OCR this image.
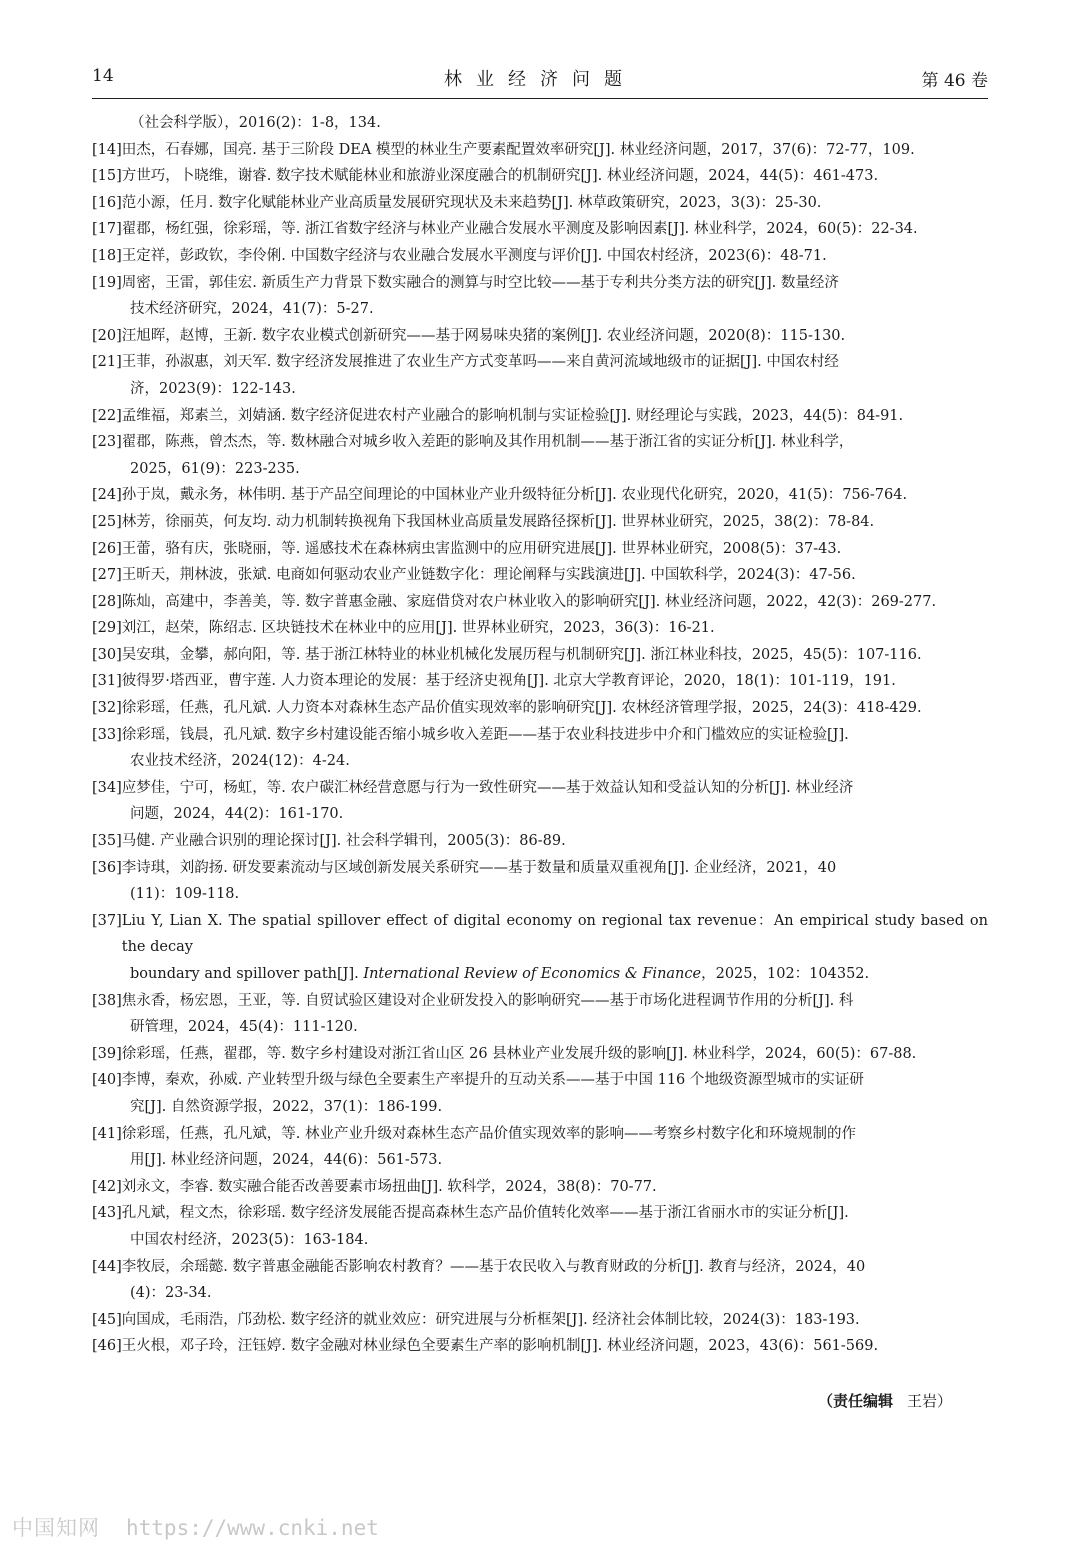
14	林业经济问题	第 46 卷
（社会科学版），2016(2)：1-8，134.
[14] 田杰，石春娜，国亮. 基于三阶段 DEA 模型的林业生产要素配置效率研究[J]. 林业经济问题，2017，37(6)：72-77，109.
[15] 方世巧，卜晓维，谢睿. 数字技术赋能林业和旅游业深度融合的机制研究[J]. 林业经济问题，2024，44(5)：461-473.
[16] 范小源，任月. 数字化赋能林业产业高质量发展研究现状及未来趋势[J]. 林草政策研究，2023，3(3)：25-30.
[17] 翟郡，杨红强，徐彩瑶，等. 浙江省数字经济与林业产业融合发展水平测度及影响因素[J]. 林业科学，2024，60(5)：22-34.
[18] 王定祥，彭政钦，李伶俐. 中国数字经济与农业融合发展水平测度与评价[J]. 中国农村经济，2023(6)：48-71.
[19] 周密，王雷，郭佳宏. 新质生产力背景下数实融合的测算与时空比较——基于专利共分类方法的研究[J]. 数量经济
技术经济研究，2024，41(7)：5-27.
[20] 汪旭晖，赵博，王新. 数字农业模式创新研究——基于网易味央猪的案例[J]. 农业经济问题，2020(8)：115-130.
[21] 王菲，孙淑惠，刘天军. 数字经济发展推进了农业生产方式变革吗——来自黄河流域地级市的证据[J]. 中国农村经
济，2023(9)：122-143.
[22] 孟维福，郑素兰，刘婧涵. 数字经济促进农村产业融合的影响机制与实证检验[J]. 财经理论与实践，2023，44(5)：84-91.
[23] 翟郡，陈燕，曾杰杰，等. 数林融合对城乡收入差距的影响及其作用机制——基于浙江省的实证分析[J]. 林业科学，
2025，61(9)：223-235.
[24] 孙于岚，戴永务，林伟明. 基于产品空间理论的中国林业产业升级特征分析[J]. 农业现代化研究，2020，41(5)：756-764.
[25] 林芳，徐丽英，何友均. 动力机制转换视角下我国林业高质量发展路径探析[J]. 世界林业研究，2025，38(2)：78-84.
[26] 王蕾，骆有庆，张晓丽，等. 遥感技术在森林病虫害监测中的应用研究进展[J]. 世界林业研究，2008(5)：37-43.
[27] 王昕天，荆林波，张斌. 电商如何驱动农业产业链数字化：理论阐释与实践演进[J]. 中国软科学，2024(3)：47-56.
[28] 陈灿，高建中，李善美，等. 数字普惠金融、家庭借贷对农户林业收入的影响研究[J]. 林业经济问题，2022，42(3)：269-277.
[29] 刘江，赵荣，陈绍志. 区块链技术在林业中的应用[J]. 世界林业研究，2023，36(3)：16-21.
[30] 吴安琪，金攀，郝向阳，等. 基于浙江林特业的林业机械化发展历程与机制研究[J]. 浙江林业科技，2025，45(5)：107-116.
[31] 彼得罗·塔西亚，曹宇莲. 人力资本理论的发展：基于经济史视角[J]. 北京大学教育评论，2020，18(1)：101-119，191.
[32] 徐彩瑶，任燕，孔凡斌. 人力资本对森林生态产品价值实现效率的影响研究[J]. 农林经济管理学报，2025，24(3)：418-429.
[33] 徐彩瑶，钱晨，孔凡斌. 数字乡村建设能否缩小城乡收入差距——基于农业科技进步中介和门槛效应的实证检验[J].
农业技术经济，2024(12)：4-24.
[34] 应梦佳，宁可，杨虹，等. 农户碳汇林经营意愿与行为一致性研究——基于效益认知和受益认知的分析[J]. 林业经济
问题，2024，44(2)：161-170.
[35] 马健. 产业融合识别的理论探讨[J]. 社会科学辑刊，2005(3)：86-89.
[36] 李诗琪，刘韵扬. 研发要素流动与区域创新发展关系研究——基于数量和质量双重视角[J]. 企业经济，2021，40
(11)：109-118.
[37] Liu Y, Lian X. The spatial spillover effect of digital economy on regional tax revenue：An empirical study based on the decay
boundary and spillover path[J]. International Review of Economics & Finance，2025，102：104352.
[38] 焦永香，杨宏恩，王亚，等. 自贸试验区建设对企业研发投入的影响研究——基于市场化进程调节作用的分析[J]. 科
研管理，2024，45(4)：111-120.
[39] 徐彩瑶，任燕，翟郡，等. 数字乡村建设对浙江省山区 26 县林业产业发展升级的影响[J]. 林业科学，2024，60(5)：67-88.
[40] 李博，秦欢，孙威. 产业转型升级与绿色全要素生产率提升的互动关系——基于中国 116 个地级资源型城市的实证研
究[J]. 自然资源学报，2022，37(1)：186-199.
[41] 徐彩瑶，任燕，孔凡斌，等. 林业产业升级对森林生态产品价值实现效率的影响——考察乡村数字化和环境规制的作
用[J]. 林业经济问题，2024，44(6)：561-573.
[42] 刘永文，李睿. 数实融合能否改善要素市场扭曲[J]. 软科学，2024，38(8)：70-77.
[43] 孔凡斌，程文杰，徐彩瑶. 数字经济发展能否提高森林生态产品价值转化效率——基于浙江省丽水市的实证分析[J].
中国农村经济，2023(5)：163-184.
[44] 李牧辰，余瑶懿. 数字普惠金融能否影响农村教育？——基于农民收入与教育财政的分析[J]. 教育与经济，2024，40
(4)：23-34.
[45] 向国成，毛雨浩，邝劲松. 数字经济的就业效应：研究进展与分析框架[J]. 经济社会体制比较，2024(3)：183-193.
[46] 王火根，邓子玲，汪钰婷. 数字金融对林业绿色全要素生产率的影响机制[J]. 林业经济问题，2023，43(6)：561-569.
（责任编辑 王岩）
中国知网 https://www.cnki.net
